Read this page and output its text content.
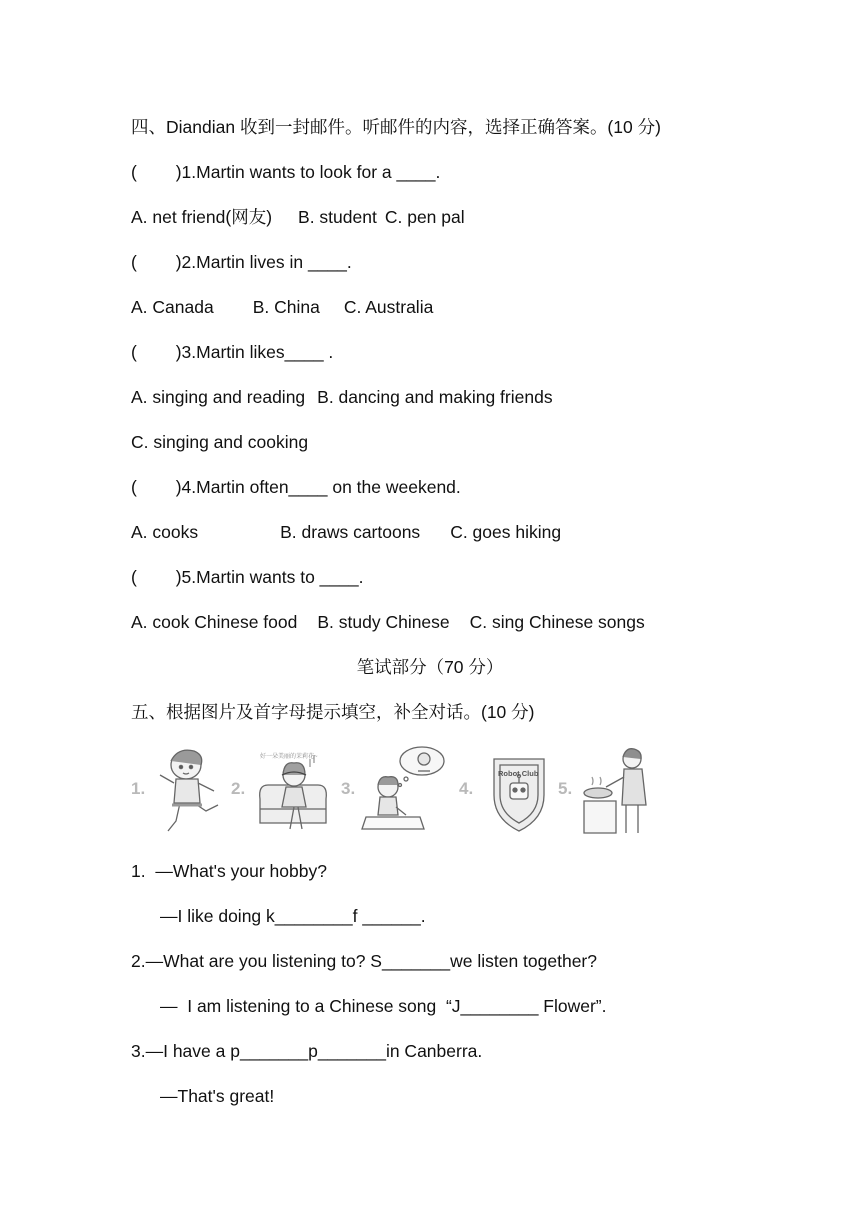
四、Diandian 收到一封邮件。听邮件的内容，选择正确答案。(10 分)
(        )1.Martin wants to look for a ____.
A. net friend(网友) B. student C. pen pal
(        )2.Martin lives in ____.
A. Canada B. China C. Australia
(        )3.Martin likes____ .
A. singing and reading B. dancing and making friends
C. singing and cooking
(        )4.Martin often____ on the weekend.
A. cooks	B. draws cartoons C. goes hiking
(        )5.Martin wants to ____.
A. cook Chinese food B. study Chinese C. sing Chinese songs
笔试部分（70 分）
五、根据图片及首字母提示填空，补全对话。(10 分)
1.	2.
好一朵美丽的茉莉花~
3.	4.
Robot Club
5.
1.  —What's your hobby?
—I like doing k________f ______.
2.—What are you listening to? S_______we listen together?
—  I am listening to a Chinese song  “J________ Flower”.
3.—I have a p_______p_______in Canberra.
—That's great!
